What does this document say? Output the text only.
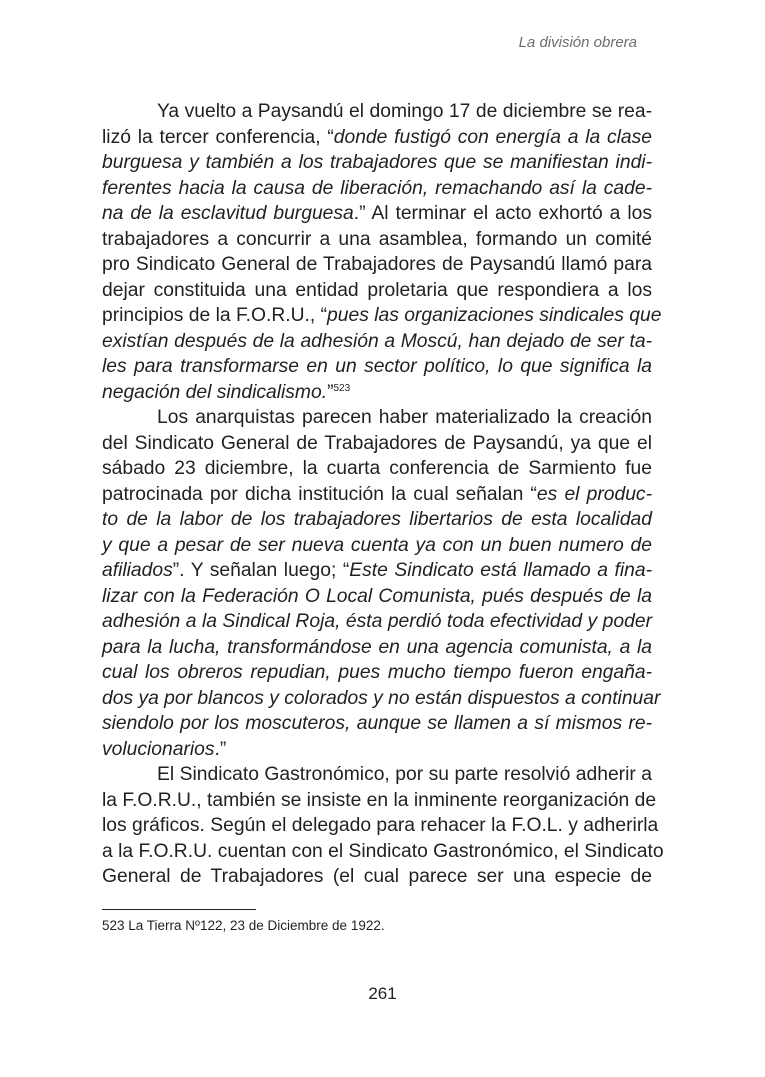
La división obrera
Ya vuelto a Paysandú el domingo 17 de diciembre se rea-
lizó la tercer conferencia, “donde fustigó con energía a la clase
burguesa y también a los trabajadores que se manifiestan indi-
ferentes hacia la causa de liberación, remachando así la cade-
na de la esclavitud burguesa.” Al terminar el acto exhortó a los
trabajadores a concurrir a una asamblea, formando un comité
pro Sindicato General de Trabajadores de Paysandú llamó para
dejar constituida una entidad proletaria que respondiera a los
principios de la F.O.R.U., “pues las organizaciones sindicales que
existían después de la adhesión a Moscú, han dejado de ser ta-
les para transformarse en un sector político, lo que significa la
negación del sindicalismo.”$^{523}$
Los anarquistas parecen haber materializado la creación
del Sindicato General de Trabajadores de Paysandú, ya que el
sábado 23 diciembre, la cuarta conferencia de Sarmiento fue
patrocinada por dicha institución la cual señalan “es el produc-
to de la labor de los trabajadores libertarios de esta localidad
y que a pesar de ser nueva cuenta ya con un buen numero de
afiliados”. Y señalan luego; “Este Sindicato está llamado a fina-
lizar con la Federación O Local Comunista, pués después de la
adhesión a la Sindical Roja, ésta perdió toda efectividad y poder
para la lucha, transformándose en una agencia comunista, a la
cual los obreros repudian, pues mucho tiempo fueron engaña-
dos ya por blancos y colorados y no están dispuestos a continuar
siendolo por los moscuteros, aunque se llamen a sí mismos re-
volucionarios.”
El Sindicato Gastronómico, por su parte resolvió adherir a
la F.O.R.U., también se insiste en la inminente reorganización de
los gráficos. Según el delegado para rehacer la F.O.L. y adherirla
a la F.O.R.U. cuentan con el Sindicato Gastronómico, el Sindicato
General de Trabajadores (el cual parece ser una especie de
523 La Tierra Nº122, 23 de Diciembre de 1922.
261
